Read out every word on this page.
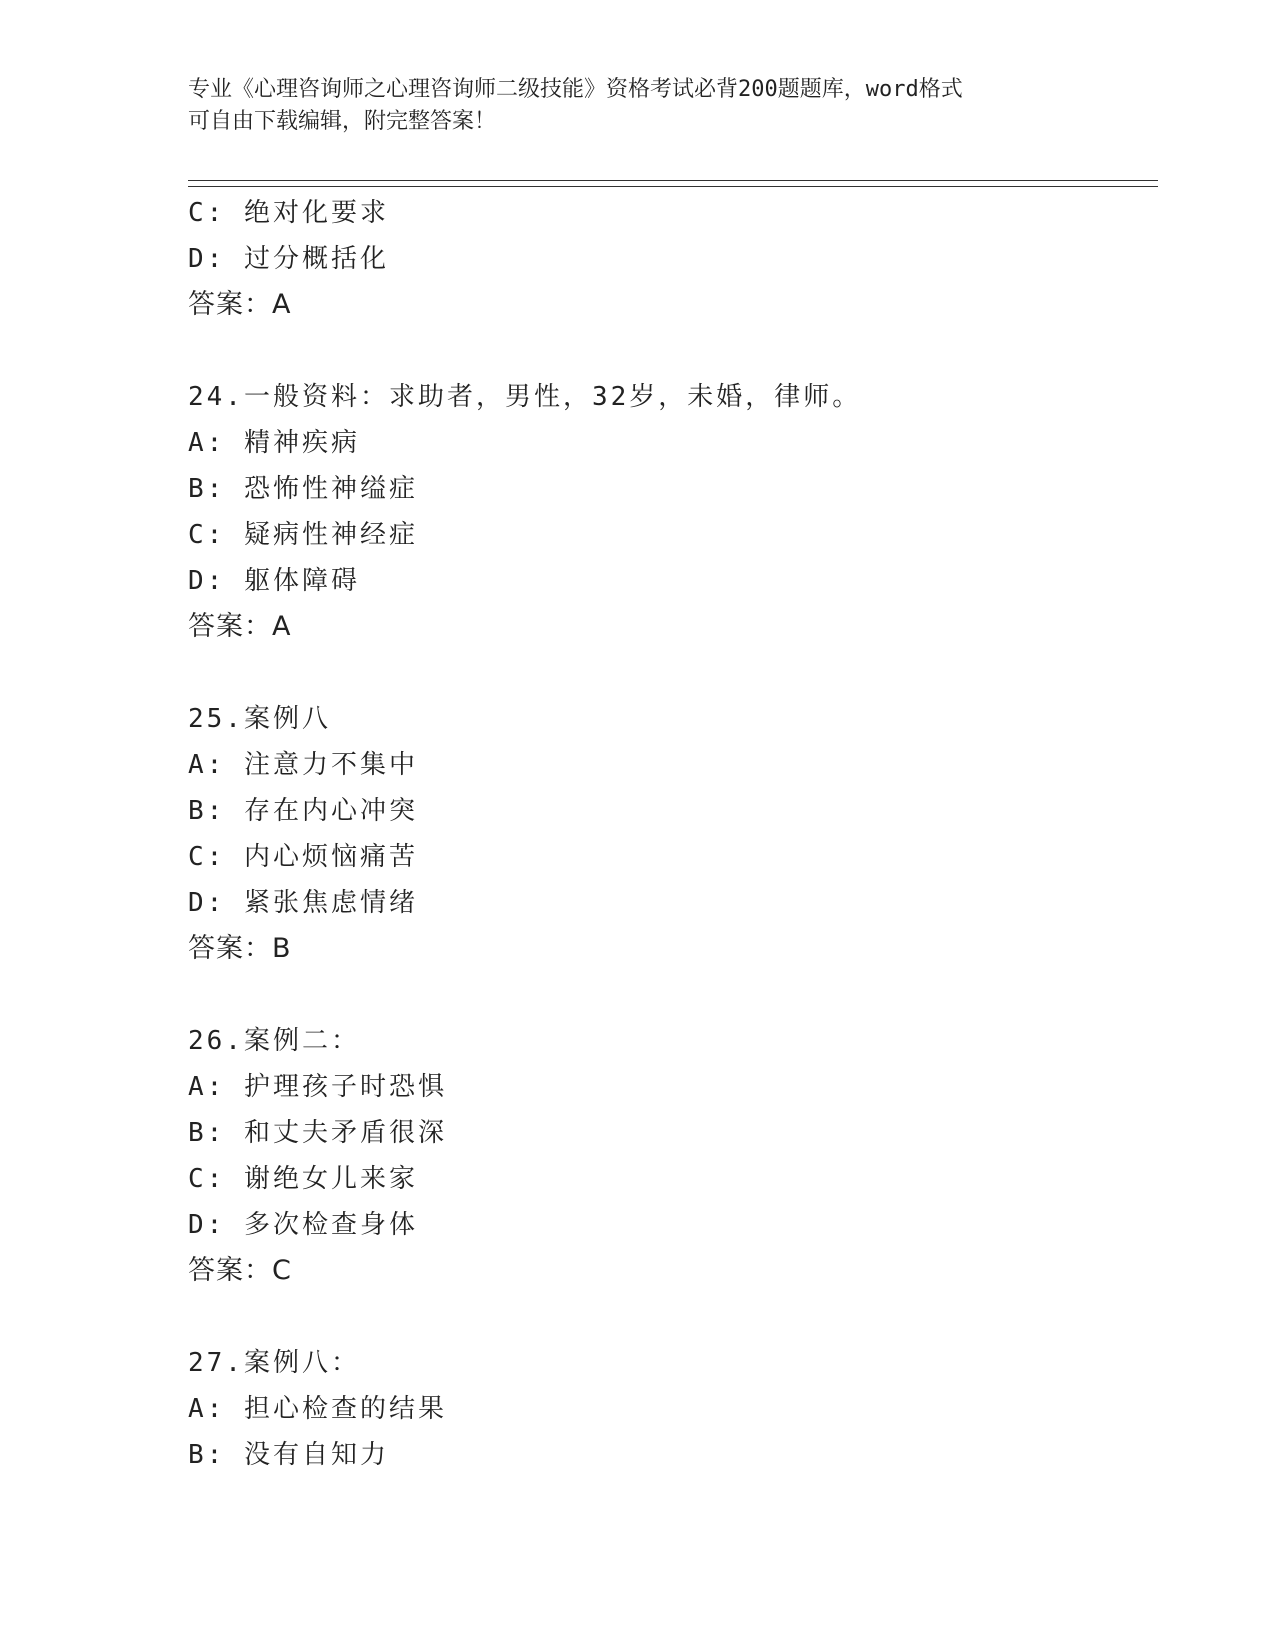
专业《心理咨询师之心理咨询师二级技能》资格考试必背200题题库，word格式
可自由下载编辑，附完整答案！
C: 绝对化要求
D: 过分概括化
答案：A
24.一般资料：求助者，男性，32岁，未婚，律师。
A: 精神疾病
B: 恐怖性神缢症
C: 疑病性神经症
D: 躯体障碍
答案：A
25.案例八
A: 注意力不集中
B: 存在内心冲突
C: 内心烦恼痛苦
D: 紧张焦虑情绪
答案：B
26.案例二：
A: 护理孩子时恐惧
B: 和丈夫矛盾很深
C: 谢绝女儿来家
D: 多次检查身体
答案：C
27.案例八：
A: 担心检查的结果
B: 没有自知力
